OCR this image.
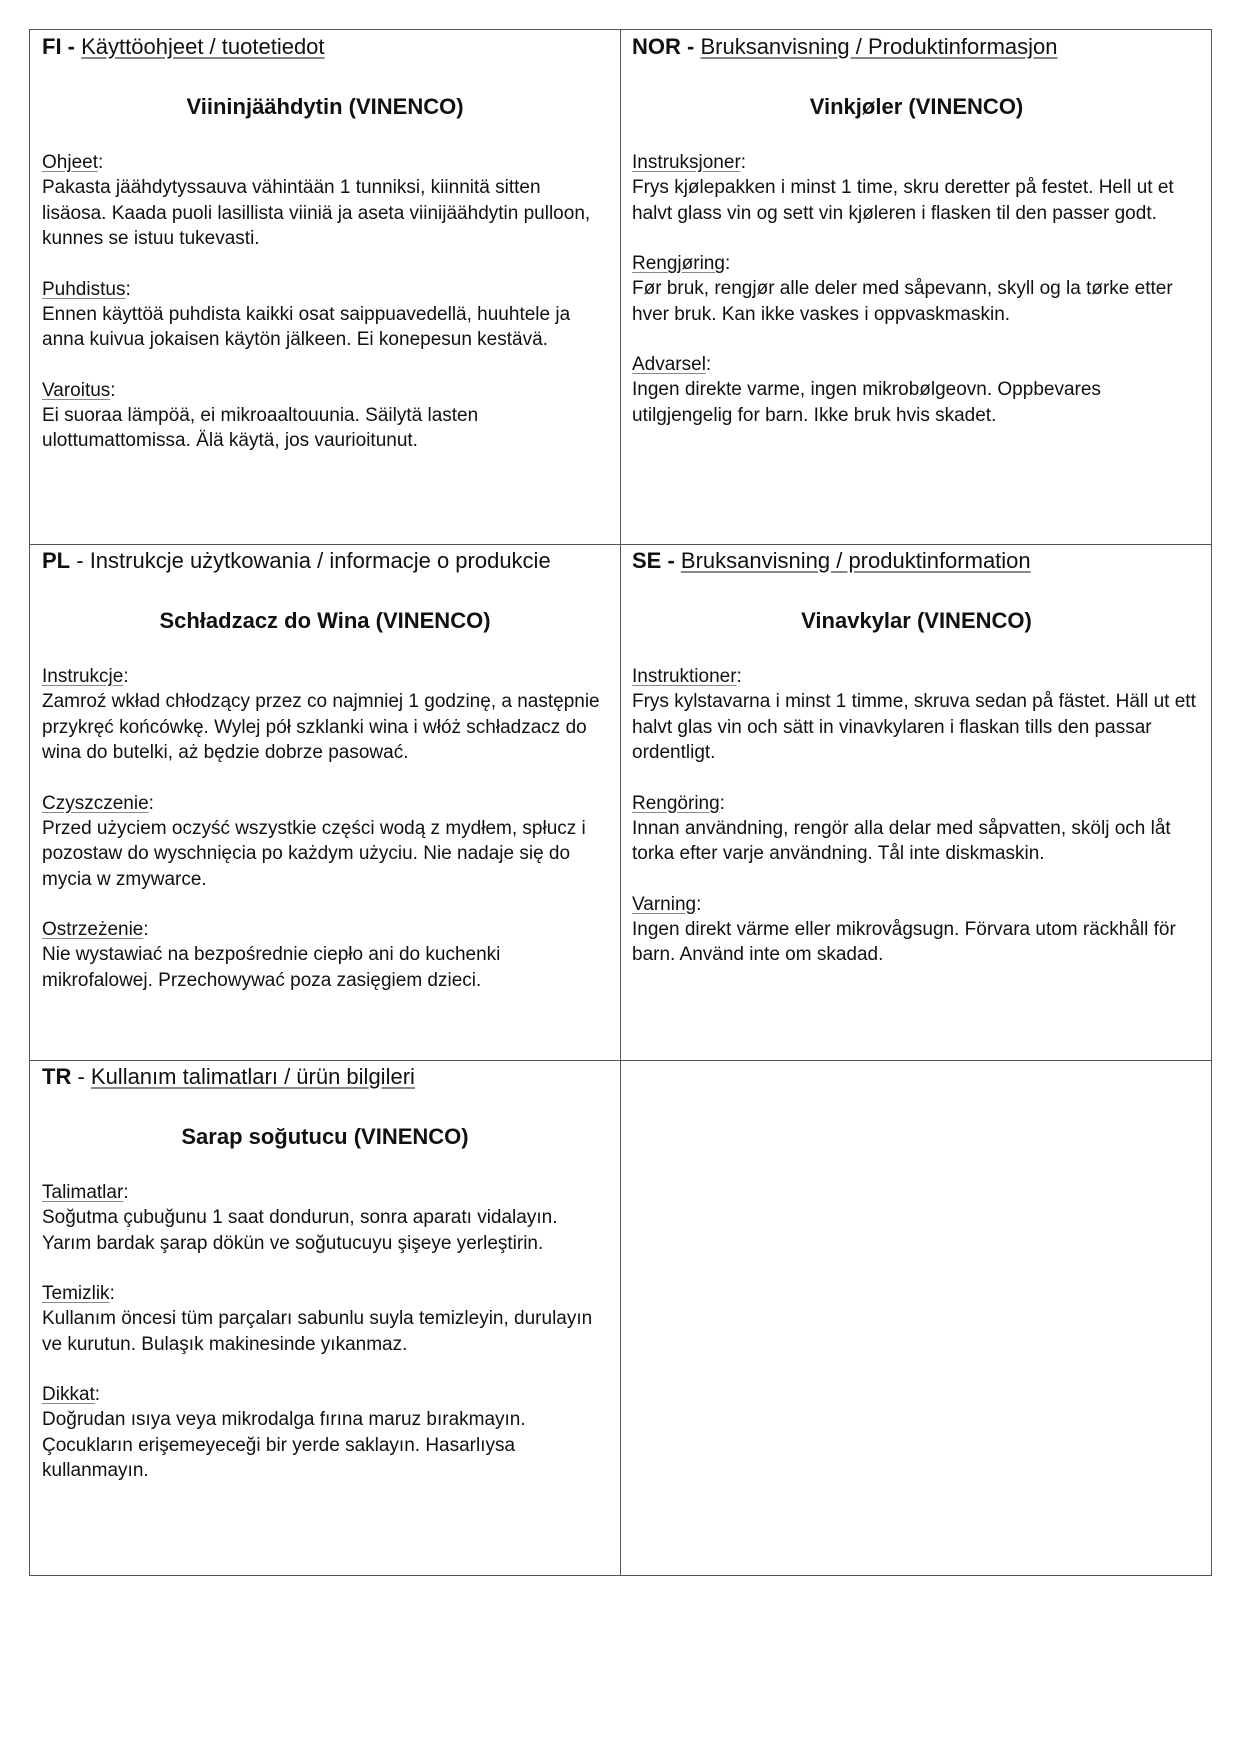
FI - Käyttöohjeet / tuotetiedot

Viininjäähdytin (VINENCO)

Ohjeet:

Pakasta jäähdytyssauva vähintään 1 tunniksi, kiinnitä sitten lisäosa. Kaada puoli lasillista viiniä ja aseta viinijäähdytin pulloon, kunnes se istuu tukevasti.

Puhdistus:

Ennen käyttöä puhdista kaikki osat saippuavedellä, huuhtele ja anna kuivua jokaisen käytön jälkeen. Ei konepesun kestävä.

Varoitus:

Ei suoraa lämpöä, ei mikroaaltouunia. Säilytä lasten ulottumattomissa. Älä käytä, jos vaurioitunut.

NOR - Bruksanvisning / Produktinformasjon

Vinkjøler (VINENCO)

Instruksjoner:

Frys kjølepakken i minst 1 time, skru deretter på festet. Hell ut et halvt glass vin og sett vin kjøleren i flasken til den passer godt.

Rengjøring:

Før bruk, rengjør alle deler med såpevann, skyll og la tørke etter hver bruk. Kan ikke vaskes i oppvaskmaskin.

Advarsel:

Ingen direkte varme, ingen mikrobølgeovn. Oppbevares utilgjengelig for barn. Ikke bruk hvis skadet.

PL - Instrukcje użytkowania / informacje o produkcie

Schładzacz do Wina (VINENCO)

Instrukcje:

Zamroź wkład chłodzący przez co najmniej 1 godzinę, a następnie przykręć końcówkę. Wylej pół szklanki wina i włóż schładzacz do wina do butelki, aż będzie dobrze pasować.

Czyszczenie:

Przed użyciem oczyść wszystkie części wodą z mydłem, spłucz i pozostaw do wyschnięcia po każdym użyciu. Nie nadaje się do mycia w zmywarce.

Ostrzeżenie:

Nie wystawiać na bezpośrednie ciepło ani do kuchenki mikrofalowej. Przechowywać poza zasięgiem dzieci.

SE - Bruksanvisning / produktinformation

Vinavkylar (VINENCO)

Instruktioner:

Frys kylstavarna i minst 1 timme, skruva sedan på fästet. Häll ut ett halvt glas vin och sätt in vinavkylaren i flaskan tills den passar ordentligt.

Rengöring:

Innan användning, rengör alla delar med såpvatten, skölj och låt torka efter varje användning. Tål inte diskmaskin.

Varning:

Ingen direkt värme eller mikrovågsugn. Förvara utom räckhåll för barn. Använd inte om skadad.

TR - Kullanım talimatları / ürün bilgileri

Sarap soğutucu (VINENCO)

Talimatlar:

Soğutma çubuğunu 1 saat dondurun, sonra aparatı vidalayın. Yarım bardak şarap dökün ve soğutucuyu şişeye yerleştirin.

Temizlik:

Kullanım öncesi tüm parçaları sabunlu suyla temizleyin, durulayın ve kurutun. Bulaşık makinesinde yıkanmaz.

Dikkat:

Doğrudan ısıya veya mikrodalga fırına maruz bırakmayın. Çocukların erişemeyeceği bir yerde saklayın. Hasarlıysa kullanmayın.
